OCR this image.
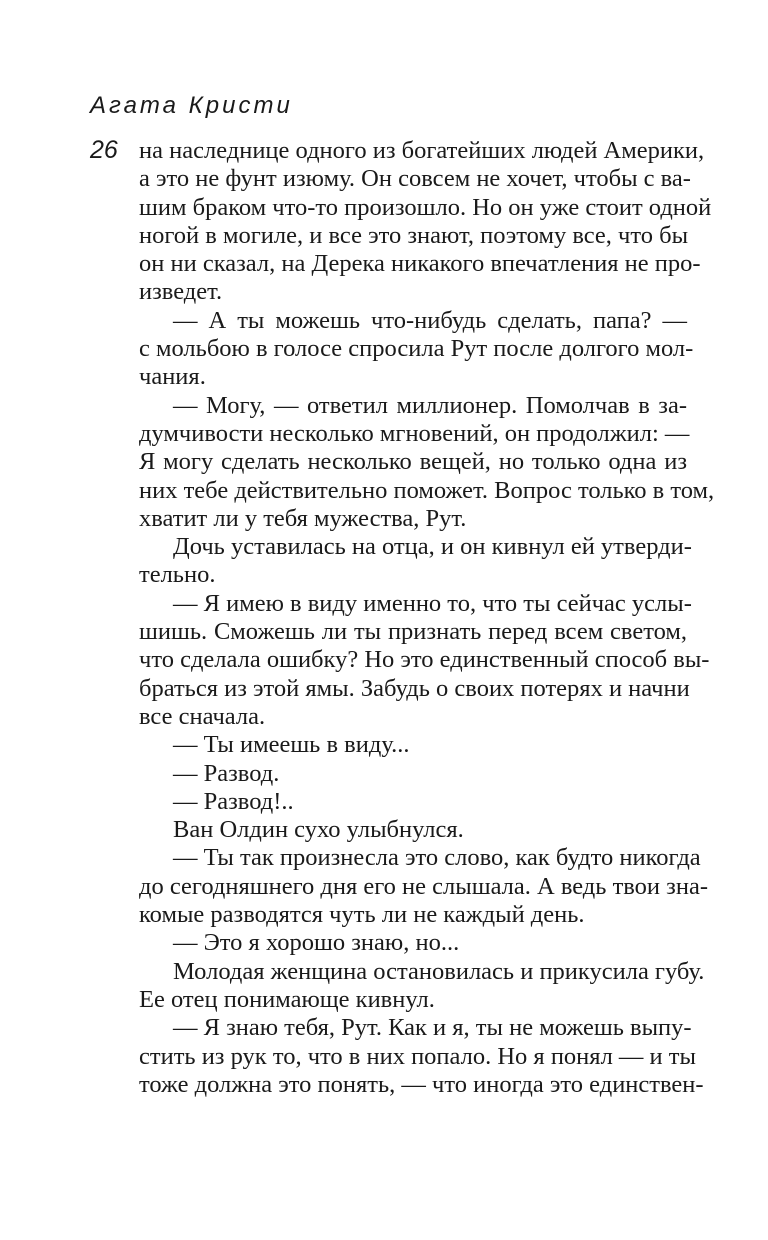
Агата Кристи
26 на наследнице одного из богатейших людей Америки,
а это не фунт изюму. Он совсем не хочет, чтобы с ва-
шим браком что-то произошло. Но он уже стоит одной
ногой в могиле, и все это знают, поэтому все, что бы
он ни сказал, на Дерека никакого впечатления не про-
изведет.
— А ты можешь что-нибудь сделать, папа? —
с мольбою в голосе спросила Рут после долгого мол-
чания.
— Могу, — ответил миллионер. Помолчав в за-
думчивости несколько мгновений, он продолжил: —
Я могу сделать несколько вещей, но только одна из
них тебе действительно поможет. Вопрос только в том,
хватит ли у тебя мужества, Рут.
Дочь уставилась на отца, и он кивнул ей утверди-
тельно.
— Я имею в виду именно то, что ты сейчас услы-
шишь. Сможешь ли ты признать перед всем светом,
что сделала ошибку? Но это единственный способ вы-
браться из этой ямы. Забудь о своих потерях и начни
все сначала.
— Ты имеешь в виду...
— Развод.
— Развод!..
Ван Олдин сухо улыбнулся.
— Ты так произнесла это слово, как будто никогда
до сегодняшнего дня его не слышала. А ведь твои зна-
комые разводятся чуть ли не каждый день.
— Это я хорошо знаю, но...
Молодая женщина остановилась и прикусила губу.
Ее отец понимающе кивнул.
— Я знаю тебя, Рут. Как и я, ты не можешь выпу-
стить из рук то, что в них попало. Но я понял — и ты
тоже должна это понять, — что иногда это единствен-
